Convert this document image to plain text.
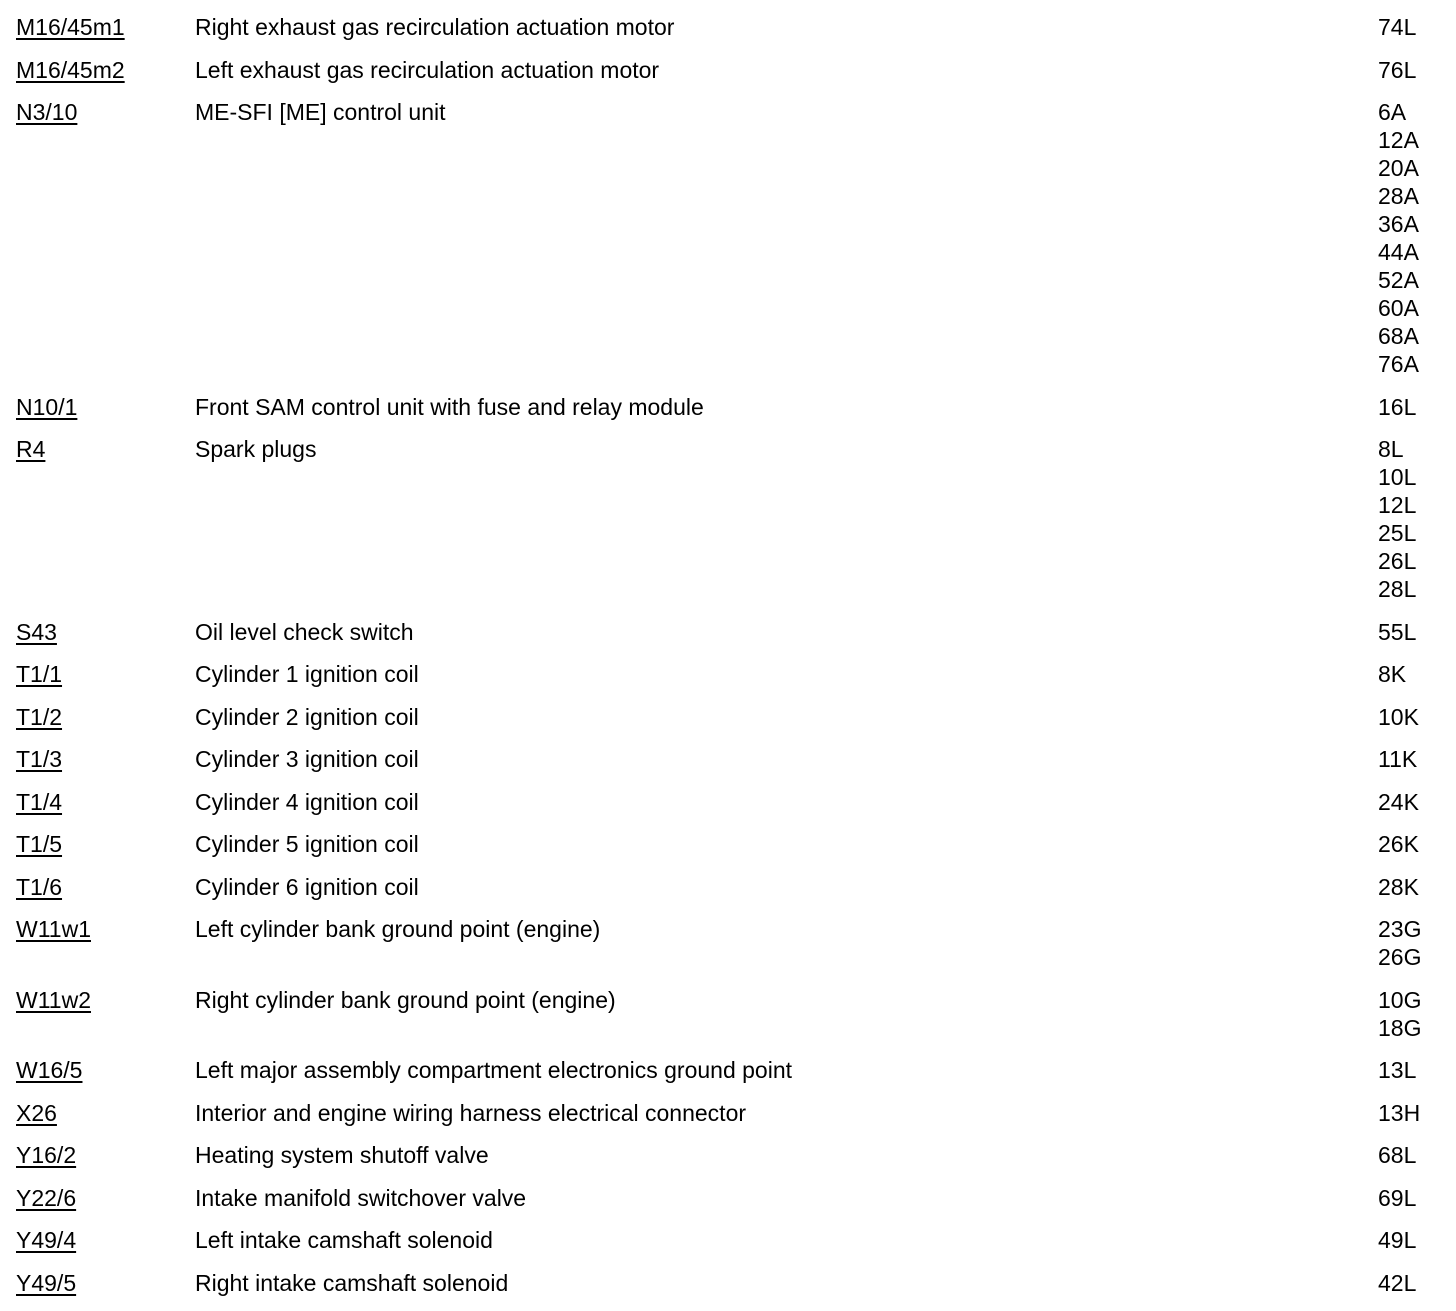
M16/45m1	Right exhaust gas recirculation actuation motor	74L
M16/45m2	Left exhaust gas recirculation actuation motor	76L
N3/10	ME-SFI [ME] control unit	6A
12A
20A
28A
36A
44A
52A
60A
68A
76A
N10/1	Front SAM control unit with fuse and relay module	16L
R4	Spark plugs	8L
10L
12L
25L
26L
28L
S43	Oil level check switch	55L
T1/1	Cylinder 1 ignition coil	8K
T1/2	Cylinder 2 ignition coil	10K
T1/3	Cylinder 3 ignition coil	11K
T1/4	Cylinder 4 ignition coil	24K
T1/5	Cylinder 5 ignition coil	26K
T1/6	Cylinder 6 ignition coil	28K
W11w1	Left cylinder bank ground point (engine)	23G
26G
W11w2	Right cylinder bank ground point (engine)	10G
18G
W16/5	Left major assembly compartment electronics ground point	13L
X26	Interior and engine wiring harness electrical connector	13H
Y16/2	Heating system shutoff valve	68L
Y22/6	Intake manifold switchover valve	69L
Y49/4	Left intake camshaft solenoid	49L
Y49/5	Right intake camshaft solenoid	42L
